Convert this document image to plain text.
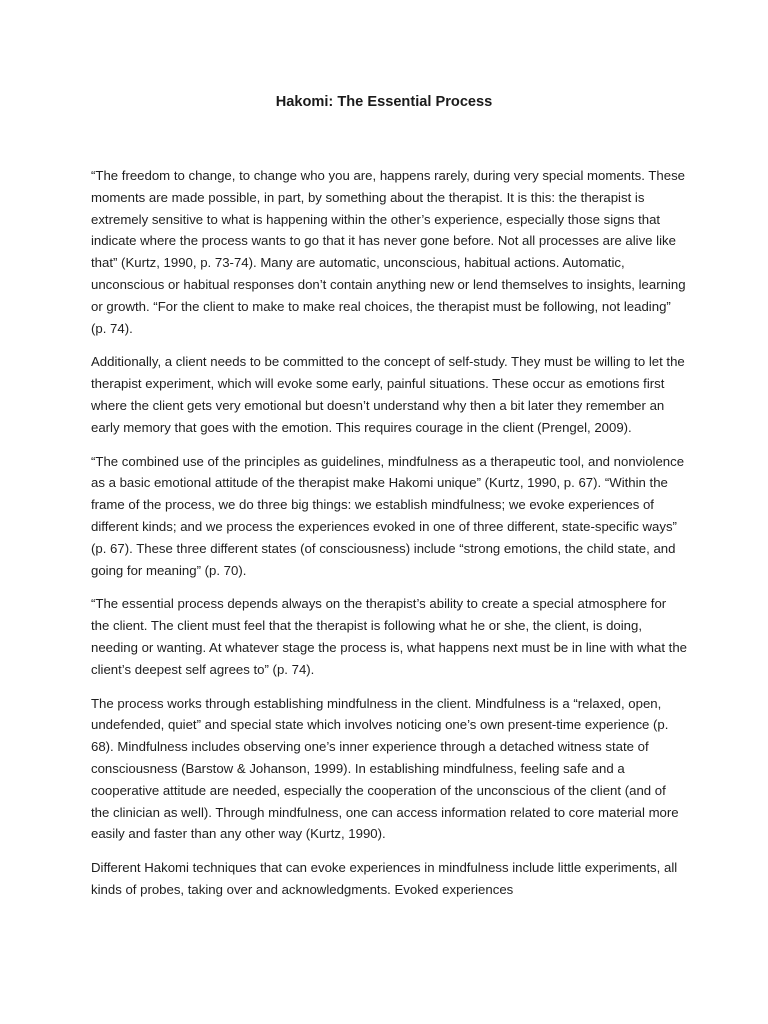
Hakomi: The Essential Process

“The freedom to change, to change who you are, happens rarely, during very special moments. These moments are made possible, in part, by something about the therapist. It is this: the therapist is extremely sensitive to what is happening within the other’s experience, especially those signs that indicate where the process wants to go that it has never gone before. Not all processes are alive like that” (Kurtz, 1990, p. 73-74). Many are automatic, unconscious, habitual actions. Automatic, unconscious or habitual responses don’t contain anything new or lend themselves to insights, learning or growth. “For the client to make to make real choices, the therapist must be following, not leading” (p. 74).

Additionally, a client needs to be committed to the concept of self-study. They must be willing to let the therapist experiment, which will evoke some early, painful situations. These occur as emotions first where the client gets very emotional but doesn’t understand why then a bit later they remember an early memory that goes with the emotion. This requires courage in the client (Prengel, 2009).

“The combined use of the principles as guidelines, mindfulness as a therapeutic tool, and nonviolence as a basic emotional attitude of the therapist make Hakomi unique” (Kurtz, 1990, p. 67). “Within the frame of the process, we do three big things: we establish mindfulness; we evoke experiences of different kinds; and we process the experiences evoked in one of three different, state-specific ways” (p. 67). These three different states (of consciousness) include “strong emotions, the child state, and going for meaning” (p. 70).

“The essential process depends always on the therapist’s ability to create a special atmosphere for the client. The client must feel that the therapist is following what he or she, the client, is doing, needing or wanting. At whatever stage the process is, what happens next must be in line with what the client’s deepest self agrees to” (p. 74).

The process works through establishing mindfulness in the client. Mindfulness is a “relaxed, open, undefended, quiet” and special state which involves noticing one’s own present-time experience (p. 68). Mindfulness includes observing one’s inner experience through a detached witness state of consciousness (Barstow & Johanson, 1999). In establishing mindfulness, feeling safe and a cooperative attitude are needed, especially the cooperation of the unconscious of the client (and of the clinician as well). Through mindfulness, one can access information related to core material more easily and faster than any other way (Kurtz, 1990).

Different Hakomi techniques that can evoke experiences in mindfulness include little experiments, all kinds of probes, taking over and acknowledgments. Evoked experiences
